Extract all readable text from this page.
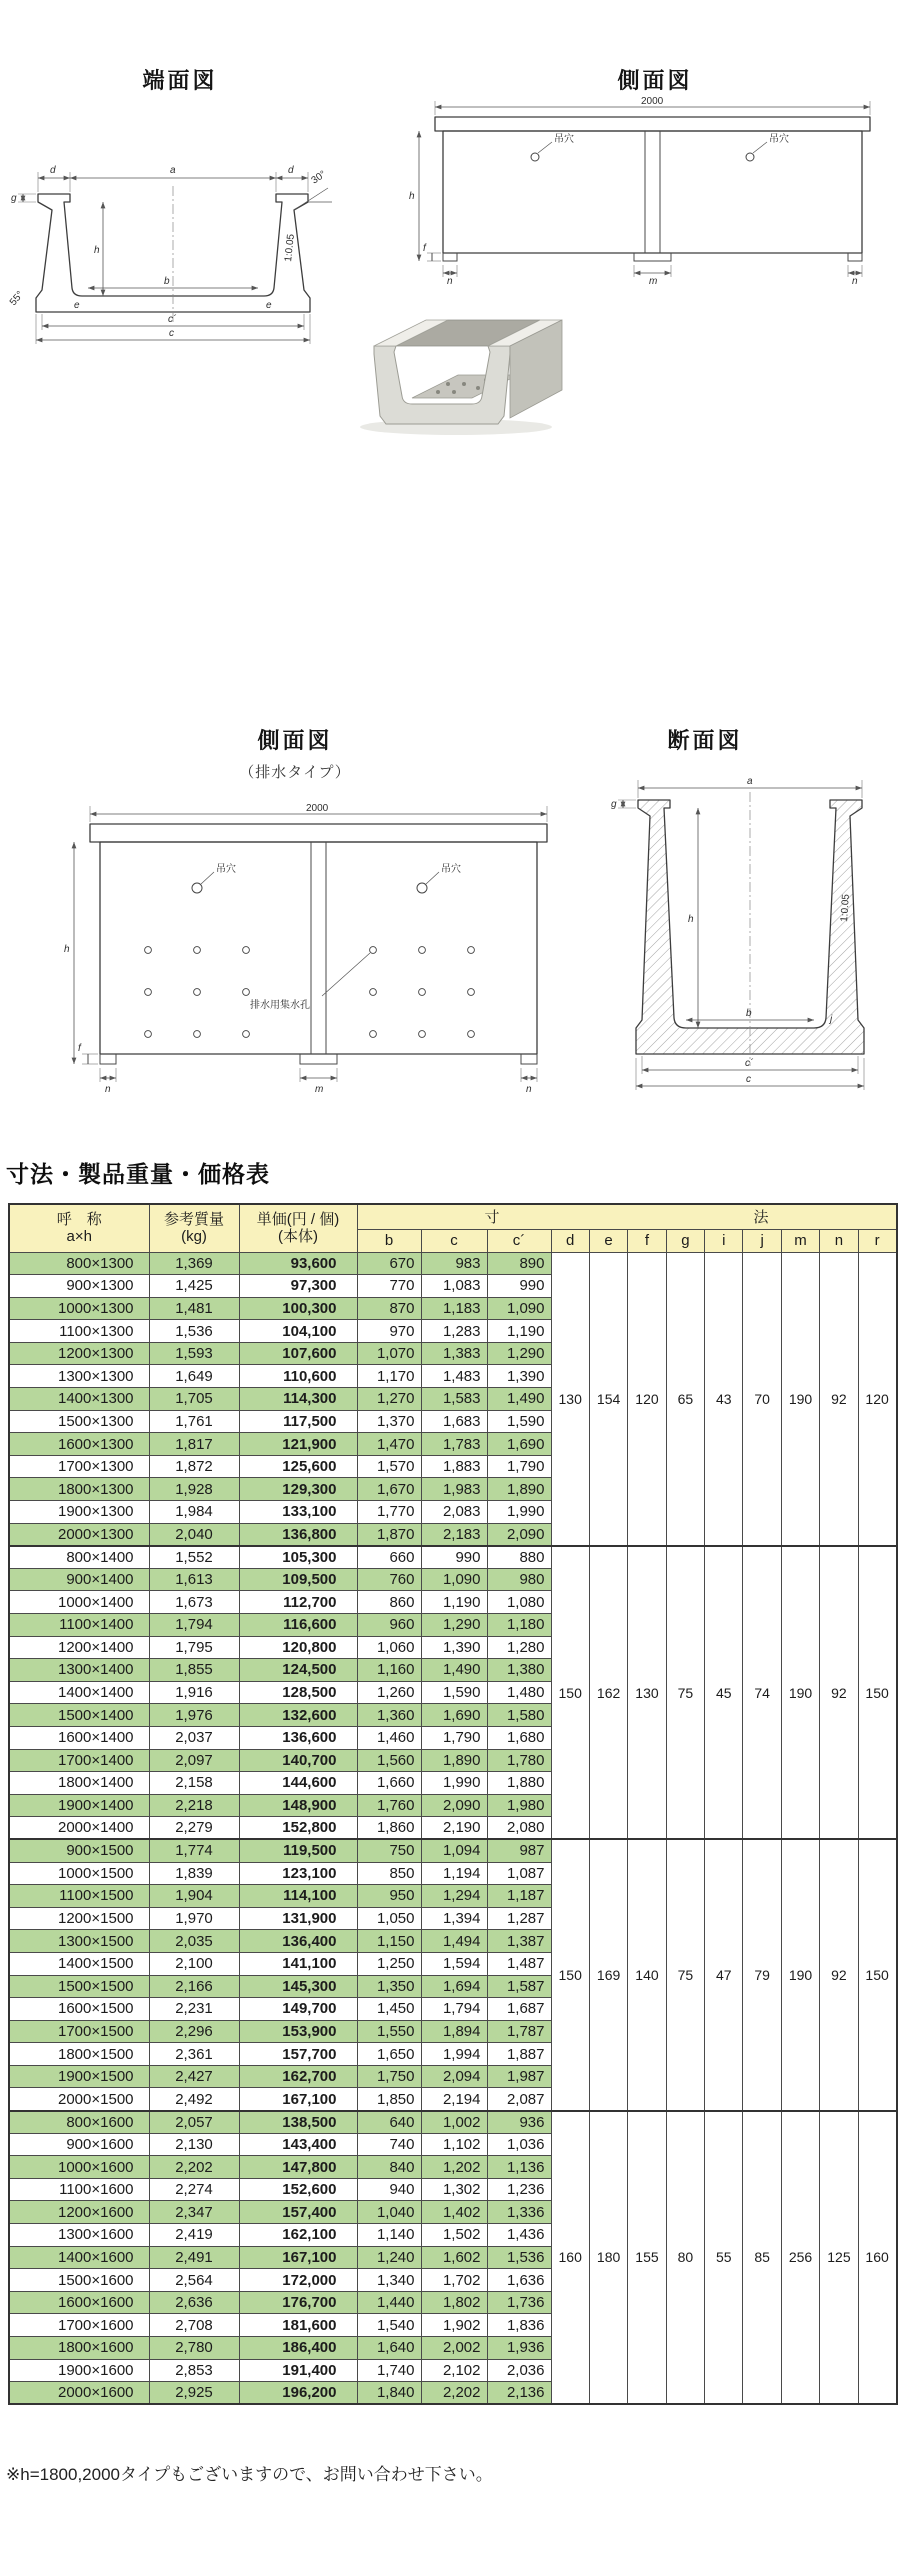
端面図	側面図
d	a	d
g
h
b
e	e
30°
55°
1:0.05
c´
c
2000
吊穴	吊穴
h
f
n	m	n
側面図
（排水タイプ）
断面図
2000
吊穴	吊穴
排水用集水孔
h
f
n	m	n
a
g
h
b
j
1:0.05
c´
c
寸法・製品重量・価格表
呼　称
a×h

参考質量
(kg)

単価(円 / 個)
(本体)

寸	法

			b	c	c´	d	e	f	g	i	j	m	n	r
800×1300	1,369	93,600	670	983	890	130	154	120	65	43	70	190	92	120
900×1300	1,425	97,300	770	1,083	990									
1000×1300	1,481	100,300	870	1,183	1,090									
1100×1300	1,536	104,100	970	1,283	1,190									
1200×1300	1,593	107,600	1,070	1,383	1,290									
1300×1300	1,649	110,600	1,170	1,483	1,390									
1400×1300	1,705	114,300	1,270	1,583	1,490									
1500×1300	1,761	117,500	1,370	1,683	1,590									
1600×1300	1,817	121,900	1,470	1,783	1,690									
1700×1300	1,872	125,600	1,570	1,883	1,790									
1800×1300	1,928	129,300	1,670	1,983	1,890									
1900×1300	1,984	133,100	1,770	2,083	1,990									
2000×1300	2,040	136,800	1,870	2,183	2,090									
800×1400	1,552	105,300	660	990	880	150	162	130	75	45	74	190	92	150
900×1400	1,613	109,500	760	1,090	980									
1000×1400	1,673	112,700	860	1,190	1,080									
1100×1400	1,794	116,600	960	1,290	1,180									
1200×1400	1,795	120,800	1,060	1,390	1,280									
1300×1400	1,855	124,500	1,160	1,490	1,380									
1400×1400	1,916	128,500	1,260	1,590	1,480									
1500×1400	1,976	132,600	1,360	1,690	1,580									
1600×1400	2,037	136,600	1,460	1,790	1,680									
1700×1400	2,097	140,700	1,560	1,890	1,780									
1800×1400	2,158	144,600	1,660	1,990	1,880									
1900×1400	2,218	148,900	1,760	2,090	1,980									
2000×1400	2,279	152,800	1,860	2,190	2,080									
900×1500	1,774	119,500	750	1,094	987	150	169	140	75	47	79	190	92	150
1000×1500	1,839	123,100	850	1,194	1,087									
1100×1500	1,904	114,100	950	1,294	1,187									
1200×1500	1,970	131,900	1,050	1,394	1,287									
1300×1500	2,035	136,400	1,150	1,494	1,387									
1400×1500	2,100	141,100	1,250	1,594	1,487									
1500×1500	2,166	145,300	1,350	1,694	1,587									
1600×1500	2,231	149,700	1,450	1,794	1,687									
1700×1500	2,296	153,900	1,550	1,894	1,787									
1800×1500	2,361	157,700	1,650	1,994	1,887									
1900×1500	2,427	162,700	1,750	2,094	1,987									
2000×1500	2,492	167,100	1,850	2,194	2,087									
800×1600	2,057	138,500	640	1,002	936	160	180	155	80	55	85	256	125	160
900×1600	2,130	143,400	740	1,102	1,036									
1000×1600	2,202	147,800	840	1,202	1,136									
1100×1600	2,274	152,600	940	1,302	1,236									
1200×1600	2,347	157,400	1,040	1,402	1,336									
1300×1600	2,419	162,100	1,140	1,502	1,436									
1400×1600	2,491	167,100	1,240	1,602	1,536									
1500×1600	2,564	172,000	1,340	1,702	1,636									
1600×1600	2,636	176,700	1,440	1,802	1,736									
1700×1600	2,708	181,600	1,540	1,902	1,836									
1800×1600	2,780	186,400	1,640	2,002	1,936									
1900×1600	2,853	191,400	1,740	2,102	2,036									
2000×1600	2,925	196,200	1,840	2,202	2,136									
※h=1800,2000タイプもございますので、お問い合わせ下さい。
